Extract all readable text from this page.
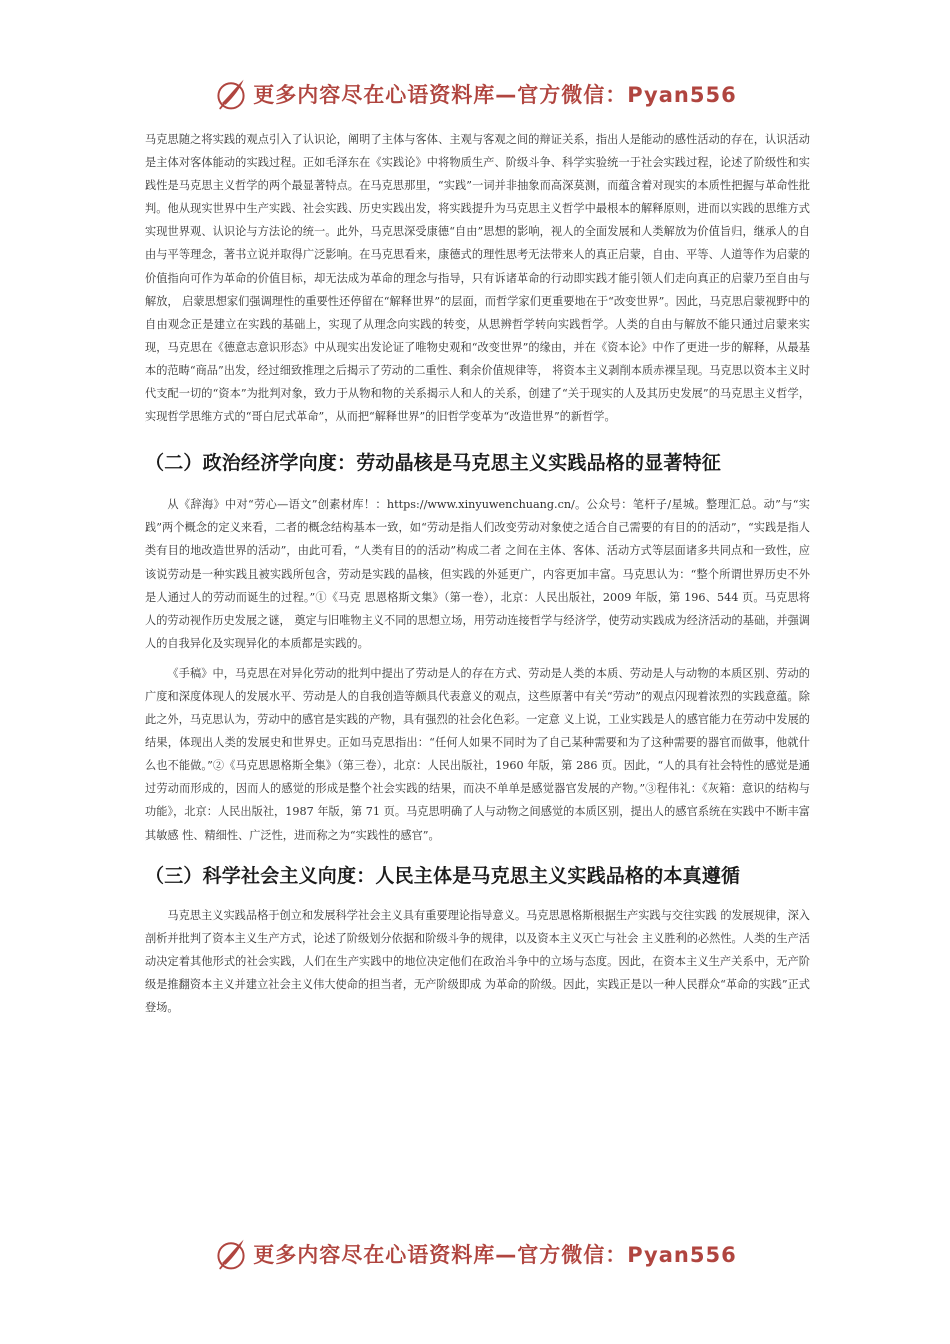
更多内容尽在心语资料库—官方微信：Pyan556

马克思随之将实践的观点引入了认识论，阐明了主体与客体、主观与客观之间的辩证关系，指出人是能动的感性活动的存在，认识活动是主体对客体能动的实践过程。正如毛泽东在《实践论》中将物质生产、阶级斗争、科学实验统一于社会实践过程，论述了阶级性和实践性是马克思主义哲学的两个最显著特点。在马克思那里，“实践”一词并非抽象而高深莫测，而蕴含着对现实的本质性把握与革命性批判。他从现实世界中生产实践、社会实践、历史实践出发，将实践提升为马克思主义哲学中最根本的解释原则，进而以实践的思维方式实现世界观、认识论与方法论的统一。此外，马克思深受康德“自由”思想的影响，视人的全面发展和人类解放为价值旨归，继承人的自由与平等理念，著书立说并取得广泛影响。在马克思看来，康德式的理性思考无法带来人的真正启蒙，自由、平等、人道等作为启蒙的价值指向可作为革命的价值目标，却无法成为革命的理念与指导，只有诉诸革命的行动即实践才能引领人们走向真正的启蒙乃至自由与解放， 启蒙思想家们强调理性的重要性还停留在“解释世界”的层面，而哲学家们更重要地在于“改变世界”。因此，马克思启蒙视野中的自由观念正是建立在实践的基础上，实现了从理念向实践的转变，从思辨哲学转向实践哲学。人类的自由与解放不能只通过启蒙来实现，马克思在《德意志意识形态》中从现实出发论证了唯物史观和“改变世界”的缘由，并在《资本论》中作了更进一步的解释，从最基本的范畴“商品”出发，经过细致推理之后揭示了劳动的二重性、剩余价值规律等， 将资本主义剥削本质赤裸呈现。马克思以资本主义时代支配一切的“资本”为批判对象，致力于从物和物的关系揭示人和人的关系，创建了“关于现实的人及其历史发展”的马克思主义哲学，实现哲学思维方式的“哥白尼式革命”，从而把“解释世界”的旧哲学变革为“改造世界”的新哲学。

（二）政治经济学向度：劳动晶核是马克思主义实践品格的显著特征

从《辞海》中对“劳心—语文”创素材库！：https://www.xinyuwenchuang.cn/。公众号：笔杆子/星城。整理汇总。动”与“实践”两个概念的定义来看，二者的概念结构基本一致，如“劳动是指人们改变劳动对象使之适合自己需要的有目的的活动”，“实践是指人类有目的地改造世界的活动”，由此可看，“人类有目的的活动”构成二者 之间在主体、客体、活动方式等层面诸多共同点和一致性，应该说劳动是一种实践且被实践所包含，劳动是实践的晶核，但实践的外延更广，内容更加丰富。马克思认为：“整个所谓世界历史不外是人通过人的劳动而诞生的过程。”①《马克 思恩格斯文集》（第一卷），北京：人民出版社，2009 年版，第 196、544 页。马克思将人的劳动视作历史发展之谜， 奠定与旧唯物主义不同的思想立场，用劳动连接哲学与经济学，使劳动实践成为经济活动的基础，并强调人的自我异化及实现异化的本质都是实践的。

《手稿》中，马克思在对异化劳动的批判中提出了劳动是人的存在方式、劳动是人类的本质、劳动是人与动物的本质区别、劳动的广度和深度体现人的发展水平、劳动是人的自我创造等颇具代表意义的观点，这些原著中有关“劳动”的观点闪现着浓烈的实践意蕴。除此之外，马克思认为，劳动中的感官是实践的产物，具有强烈的社会化色彩。一定意 义上说，工业实践是人的感官能力在劳动中发展的结果，体现出人类的发展史和世界史。正如马克思指出：“任何人如果不同时为了自己某种需要和为了这种需要的器官而做事，他就什么也不能做。”②《马克思恩格斯全集》（第三卷），北京：人民出版社，1960 年版，第 286 页。因此，“人的具有社会特性的感觉是通过劳动而形成的，因而人的感觉的形成是整个社会实践的结果，而决不单单是感觉器官发展的产物。”③程伟礼：《灰箱：意识的结构与功能》，北京：人民出版社，1987 年版，第 71 页。马克思明确了人与动物之间感觉的本质区别，提出人的感官系统在实践中不断丰富其敏感 性、精细性、广泛性，进而称之为“实践性的感官”。

（三）科学社会主义向度：人民主体是马克思主义实践品格的本真遵循

马克思主义实践品格于创立和发展科学社会主义具有重要理论指导意义。马克思恩格斯根据生产实践与交往实践 的发展规律，深入剖析并批判了资本主义生产方式，论述了阶级划分依据和阶级斗争的规律，以及资本主义灭亡与社会 主义胜利的必然性。人类的生产活动决定着其他形式的社会实践，人们在生产实践中的地位决定他们在政治斗争中的立场与态度。因此，在资本主义生产关系中，无产阶级是推翻资本主义并建立社会主义伟大使命的担当者，无产阶级即成 为革命的阶级。因此，实践正是以一种人民群众“革命的实践”正式登场。

更多内容尽在心语资料库—官方微信：Pyan556
